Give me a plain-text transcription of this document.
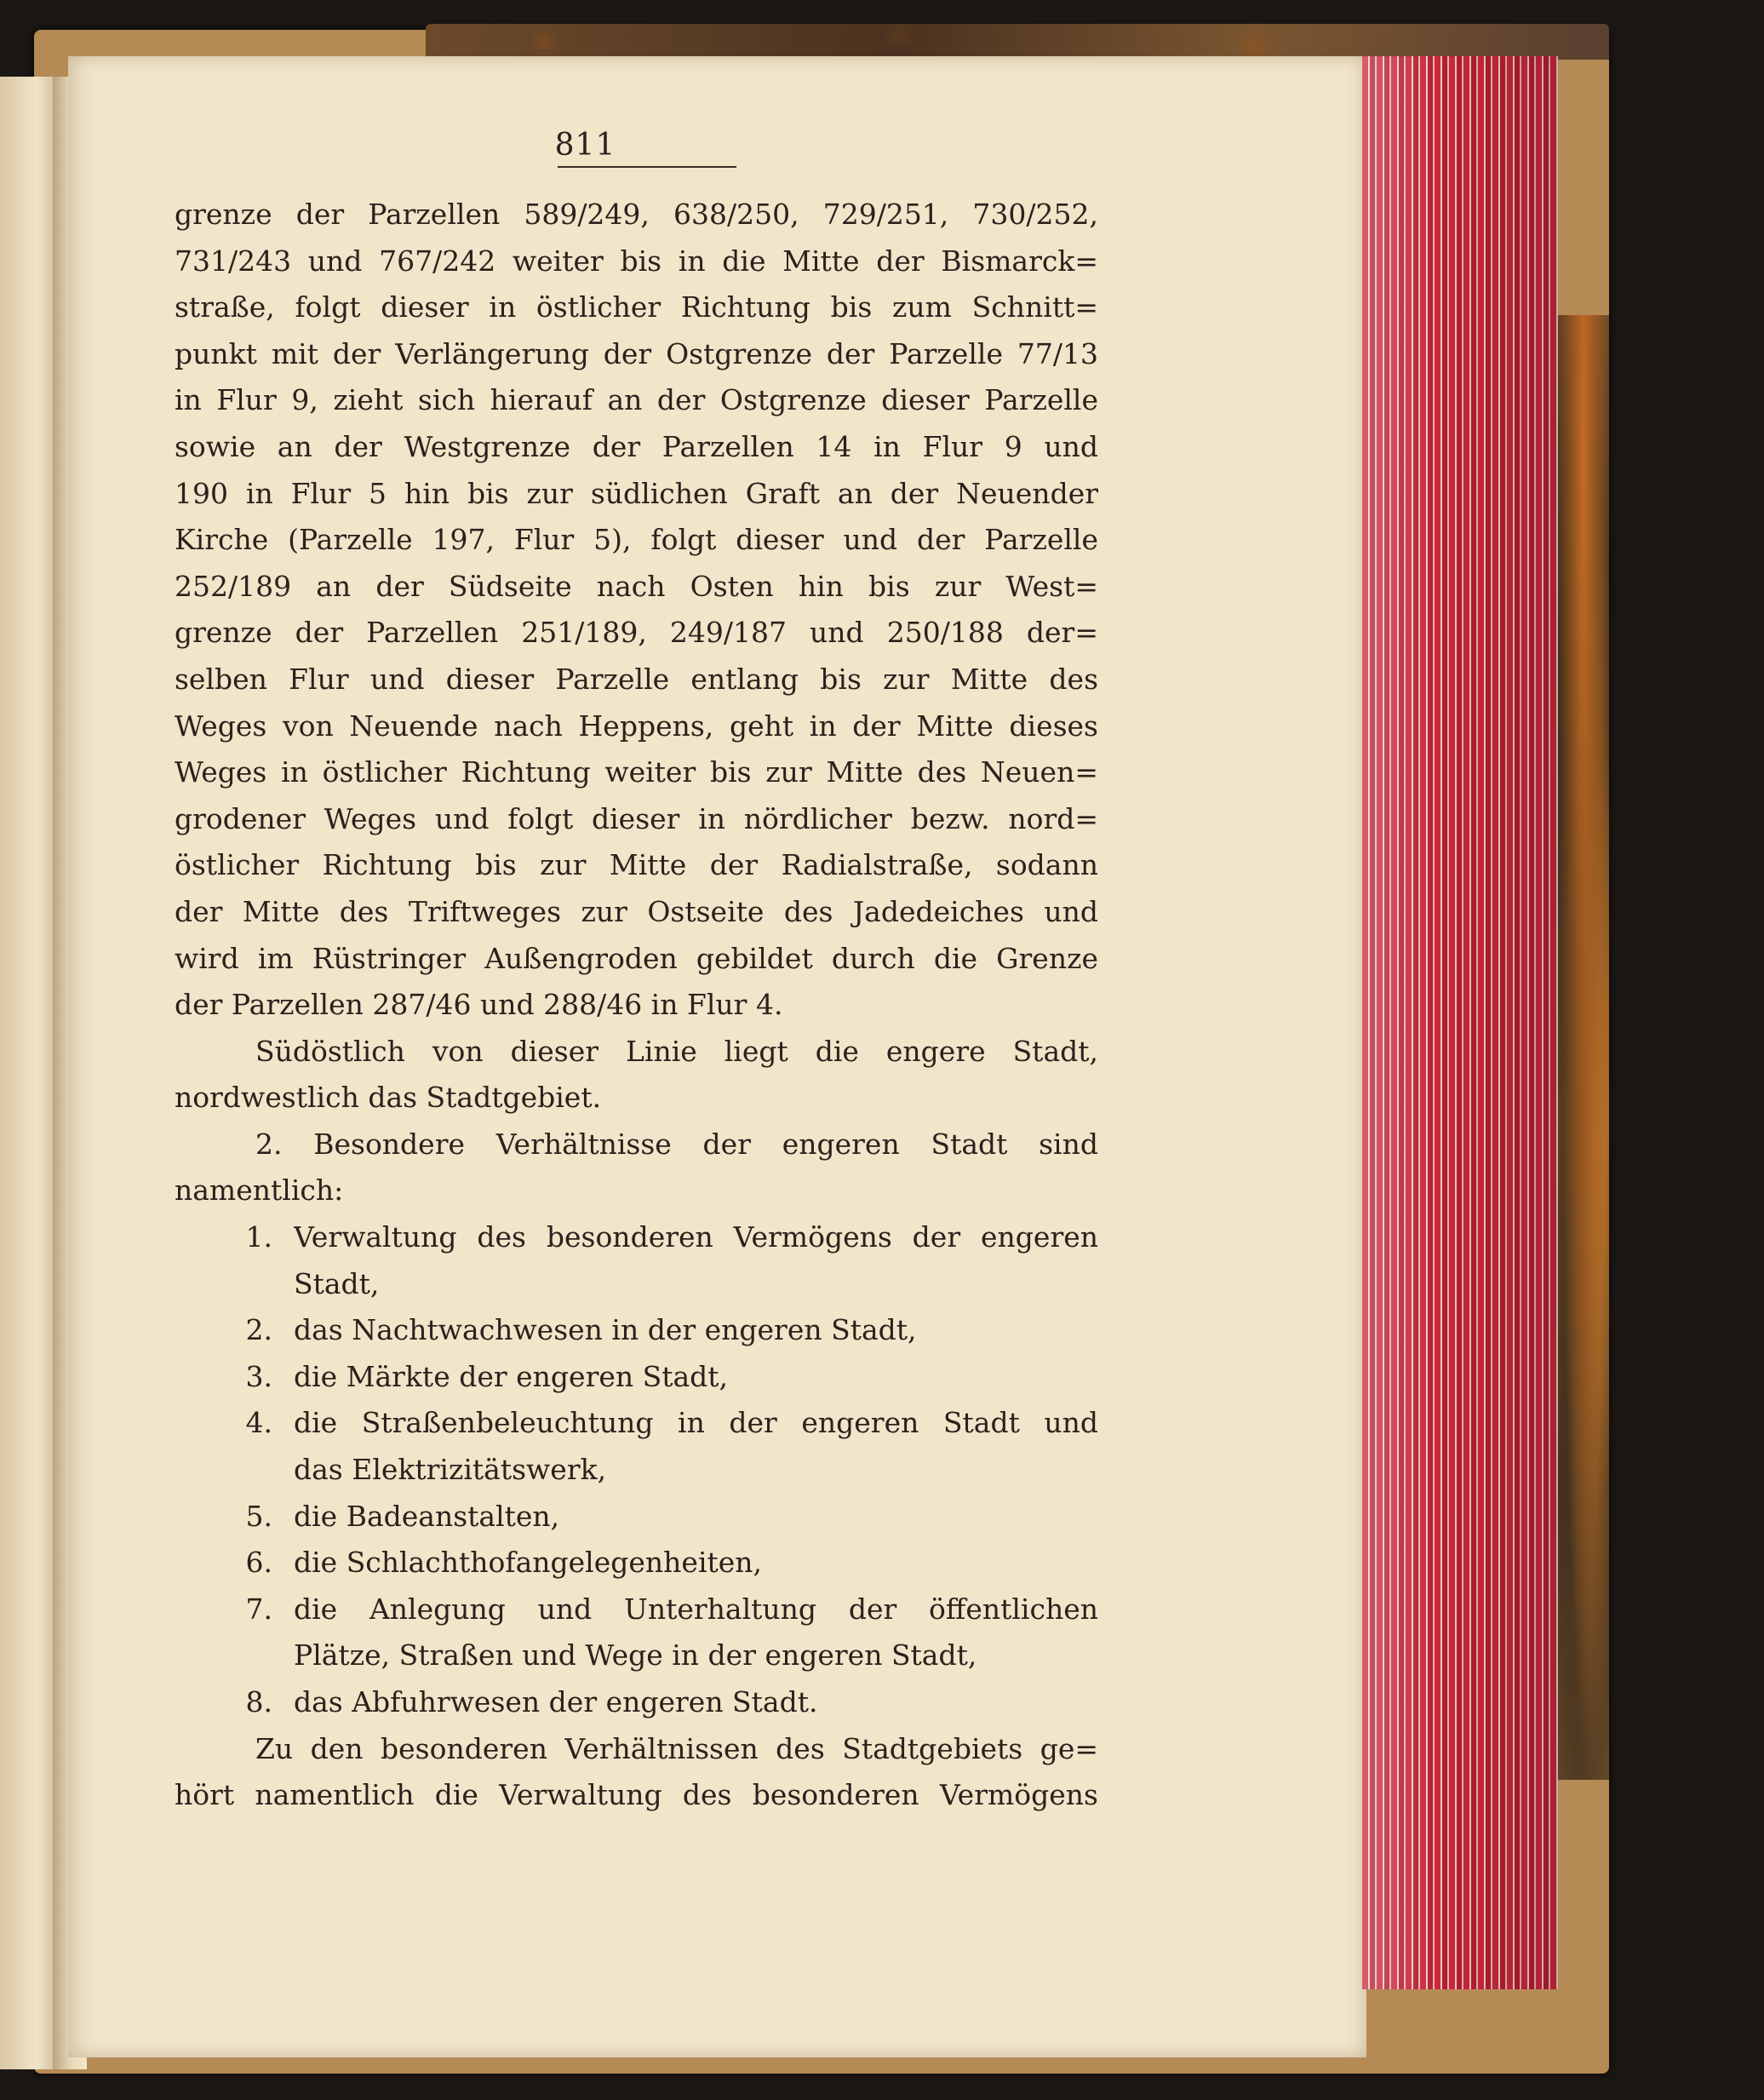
811
grenze der Parzellen 589/249, 638/250, 729/251, 730/252,
731/243 und 767/242 weiter bis in die Mitte der Bismarck=
straße, folgt dieser in östlicher Richtung bis zum Schnitt=
punkt mit der Verlängerung der Ostgrenze der Parzelle 77/13
in Flur 9, zieht sich hierauf an der Ostgrenze dieser Parzelle
sowie an der Westgrenze der Parzellen 14 in Flur 9 und
190 in Flur 5 hin bis zur südlichen Graft an der Neuender
Kirche (Parzelle 197, Flur 5), folgt dieser und der Parzelle
252/189 an der Südseite nach Osten hin bis zur West=
grenze der Parzellen 251/189, 249/187 und 250/188 der=
selben Flur und dieser Parzelle entlang bis zur Mitte des
Weges von Neuende nach Heppens, geht in der Mitte dieses
Weges in östlicher Richtung weiter bis zur Mitte des Neuen=
grodener Weges und folgt dieser in nördlicher bezw. nord=
östlicher Richtung bis zur Mitte der Radialstraße, sodann
der Mitte des Triftweges zur Ostseite des Jadedeiches und
wird im Rüstringer Außengroden gebildet durch die Grenze
der Parzellen 287/46 und 288/46 in Flur 4.
Südöstlich von dieser Linie liegt die engere Stadt,
nordwestlich das Stadtgebiet.
2. Besondere Verhältnisse der engeren Stadt sind
namentlich:
1. Verwaltung des besonderen Vermögens der engeren
Stadt,
2. das Nachtwachwesen in der engeren Stadt,
3. die Märkte der engeren Stadt,
4. die Straßenbeleuchtung in der engeren Stadt und
das Elektrizitätswerk,
5. die Badeanstalten,
6. die Schlachthofangelegenheiten,
7. die Anlegung und Unterhaltung der öffentlichen
Plätze, Straßen und Wege in der engeren Stadt,
8. das Abfuhrwesen der engeren Stadt.
Zu den besonderen Verhältnissen des Stadtgebiets ge=
hört namentlich die Verwaltung des besonderen Vermögens
